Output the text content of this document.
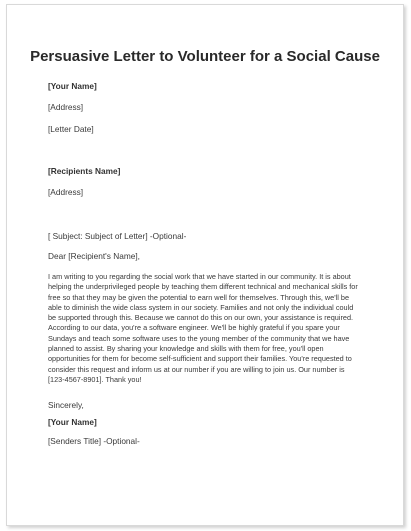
Persuasive Letter to Volunteer for a Social Cause
[Your Name]
[Address]
[Letter Date]
[Recipients Name]
[Address]
[ Subject: Subject of Letter] -Optional-
Dear [Recipient's Name],
I am writing to you regarding the social work that we have started in our community. It is about
helping the underprivileged people by teaching them different technical and mechanical skills for
free so that they may be given the potential to earn well for themselves. Through this, we'll be
able to diminish the wide class system in our society. Families and not only the individual could
be supported through this. Because we cannot do this on our own, your assistance is required.
According to our data, you're a software engineer. We'll be highly grateful if you spare your
Sundays and teach some software uses to the young member of the community that we have
planned to assist. By sharing your knowledge and skills with them for free, you'll open
opportunities for them for become self-sufficient and support their families. You're requested to
consider this request and inform us at our number if you are willing to join us. Our number is
[123-4567-8901]. Thank you!
Sincerely,
[Your Name]
[Senders Title] -Optional-
